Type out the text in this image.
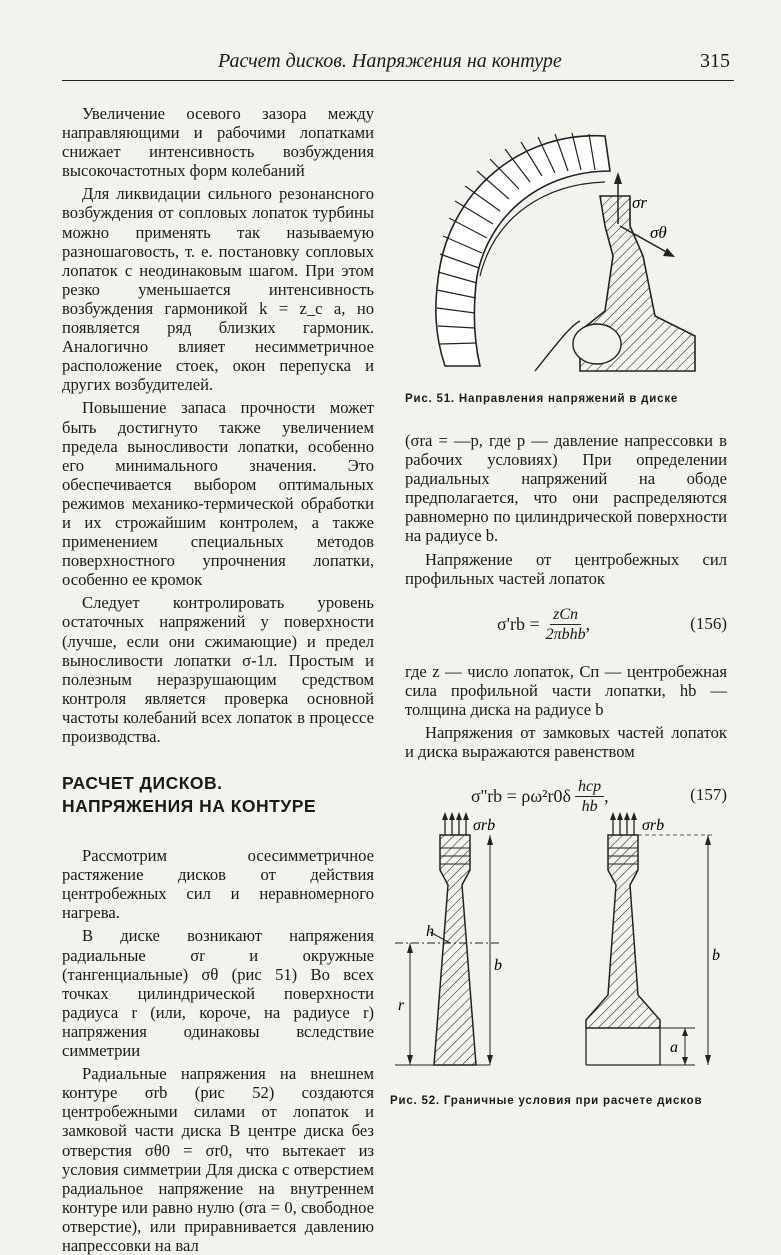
Расчет дисков. Напряжения на контуре	315

Увеличение осевого зазора между направляющими и рабочими лопатками снижает интенсивность возбуждения высокочастотных форм колебаний

Для ликвидации сильного резонансного возбуждения от сопловых лопаток турбины можно применять так называемую разношаговость, т. е. постановку сопловых лопаток с неодинаковым шагом. При этом резко уменьшается интенсивность возбуждения гармоникой k = z_c a, но появляется ряд близких гармоник. Аналогично влияет несимметричное расположение стоек, окон перепуска и других возбудителей.

Повышение запаса прочности может быть достигнуто также увеличением предела выносливости лопатки, особенно его минимального значения. Это обеспечивается выбором оптимальных режимов механико-термической обработки и их строжайшим контролем, а также применением специальных методов поверхностного упрочнения лопатки, особенно ее кромок

Следует контролировать уровень остаточных напряжений у поверхности (лучше, если они сжимающие) и предел выносливости лопатки σ-1л. Простым и полезным неразрушающим средством контроля является проверка основной частоты колебаний всех лопаток в процессе производства.

РАСЧЕТ ДИСКОВ.
НАПРЯЖЕНИЯ НА КОНТУРЕ

Рассмотрим осесимметричное растяжение дисков от действия центробежных сил и неравномерного нагрева.

В диске возникают напряжения радиальные σr и окружные (тангенциальные) σθ (рис 51) Во всех точках цилиндрической поверхности радиуса r (или, короче, на радиусе r) напряжения одинаковы вследствие симметрии

Радиальные напряжения на внешнем контуре σrb (рис 52) создаются центробежными силами от лопаток и замковой части диска В центре диска без отверстия σθ0 = σr0, что вытекает из условия симметрии Для диска с отверстием радиальное напряжение на внутреннем контуре или равно нулю (σra = 0, свободное отверстие), или приравнивается давлению напрессовки на вал

σr
σθ
Рис. 51. Направления напряжений в диске

(σra = —p, где p — давление напрессовки в рабочих условиях) При определении радиальных напряжений на ободе предполагается, что они распределяются равномерно по цилиндрической поверхности на радиусе b.

Напряжение от центробежных сил профильных частей лопаток

$\sigma'rb = \frac{\text{zCп}}{\text{2πbhb}}$ ,	(156)

где z — число лопаток, Cп — центробежная сила профильной части лопатки, hb — толщина диска на радиусе b

Напряжения от замковых частей лопаток и диска выражаются равенством

$\sigma''rb = \rho\omega^2r0\delta \frac{\text{hcp}}{hb}$ ,	(157)
σrb
h
b
r
σrb
b
a
Рис. 52. Граничные условия при расчете дисков
